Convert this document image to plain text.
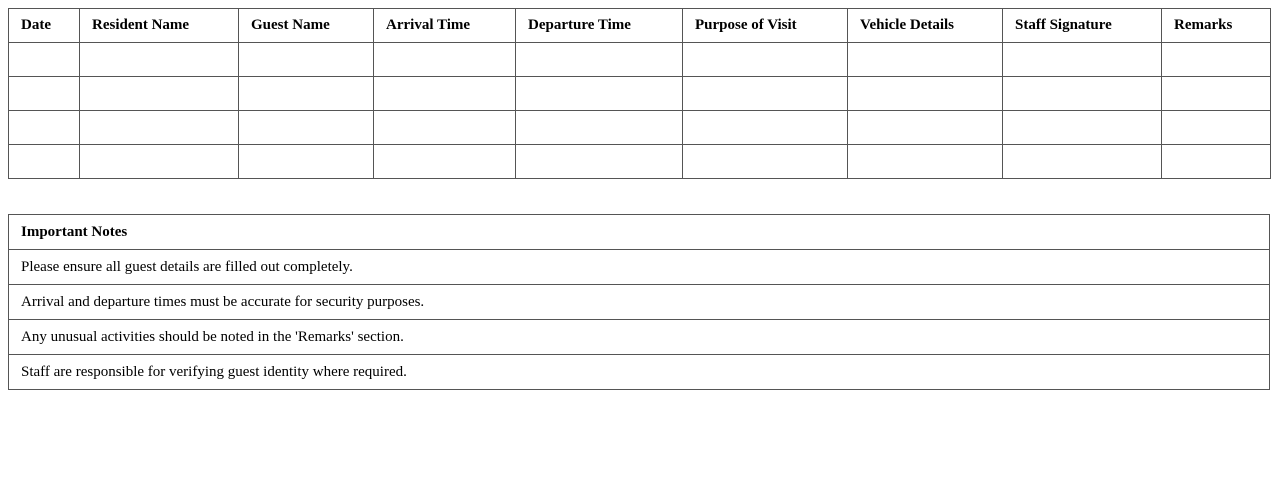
Date	Resident Name	Guest Name	Arrival Time	Departure Time	Purpose of Visit	Vehicle Details	Staff Signature	Remarks

Important Notes
Please ensure all guest details are filled out completely.
Arrival and departure times must be accurate for security purposes.
Any unusual activities should be noted in the 'Remarks' section.
Staff are responsible for verifying guest identity where required.
